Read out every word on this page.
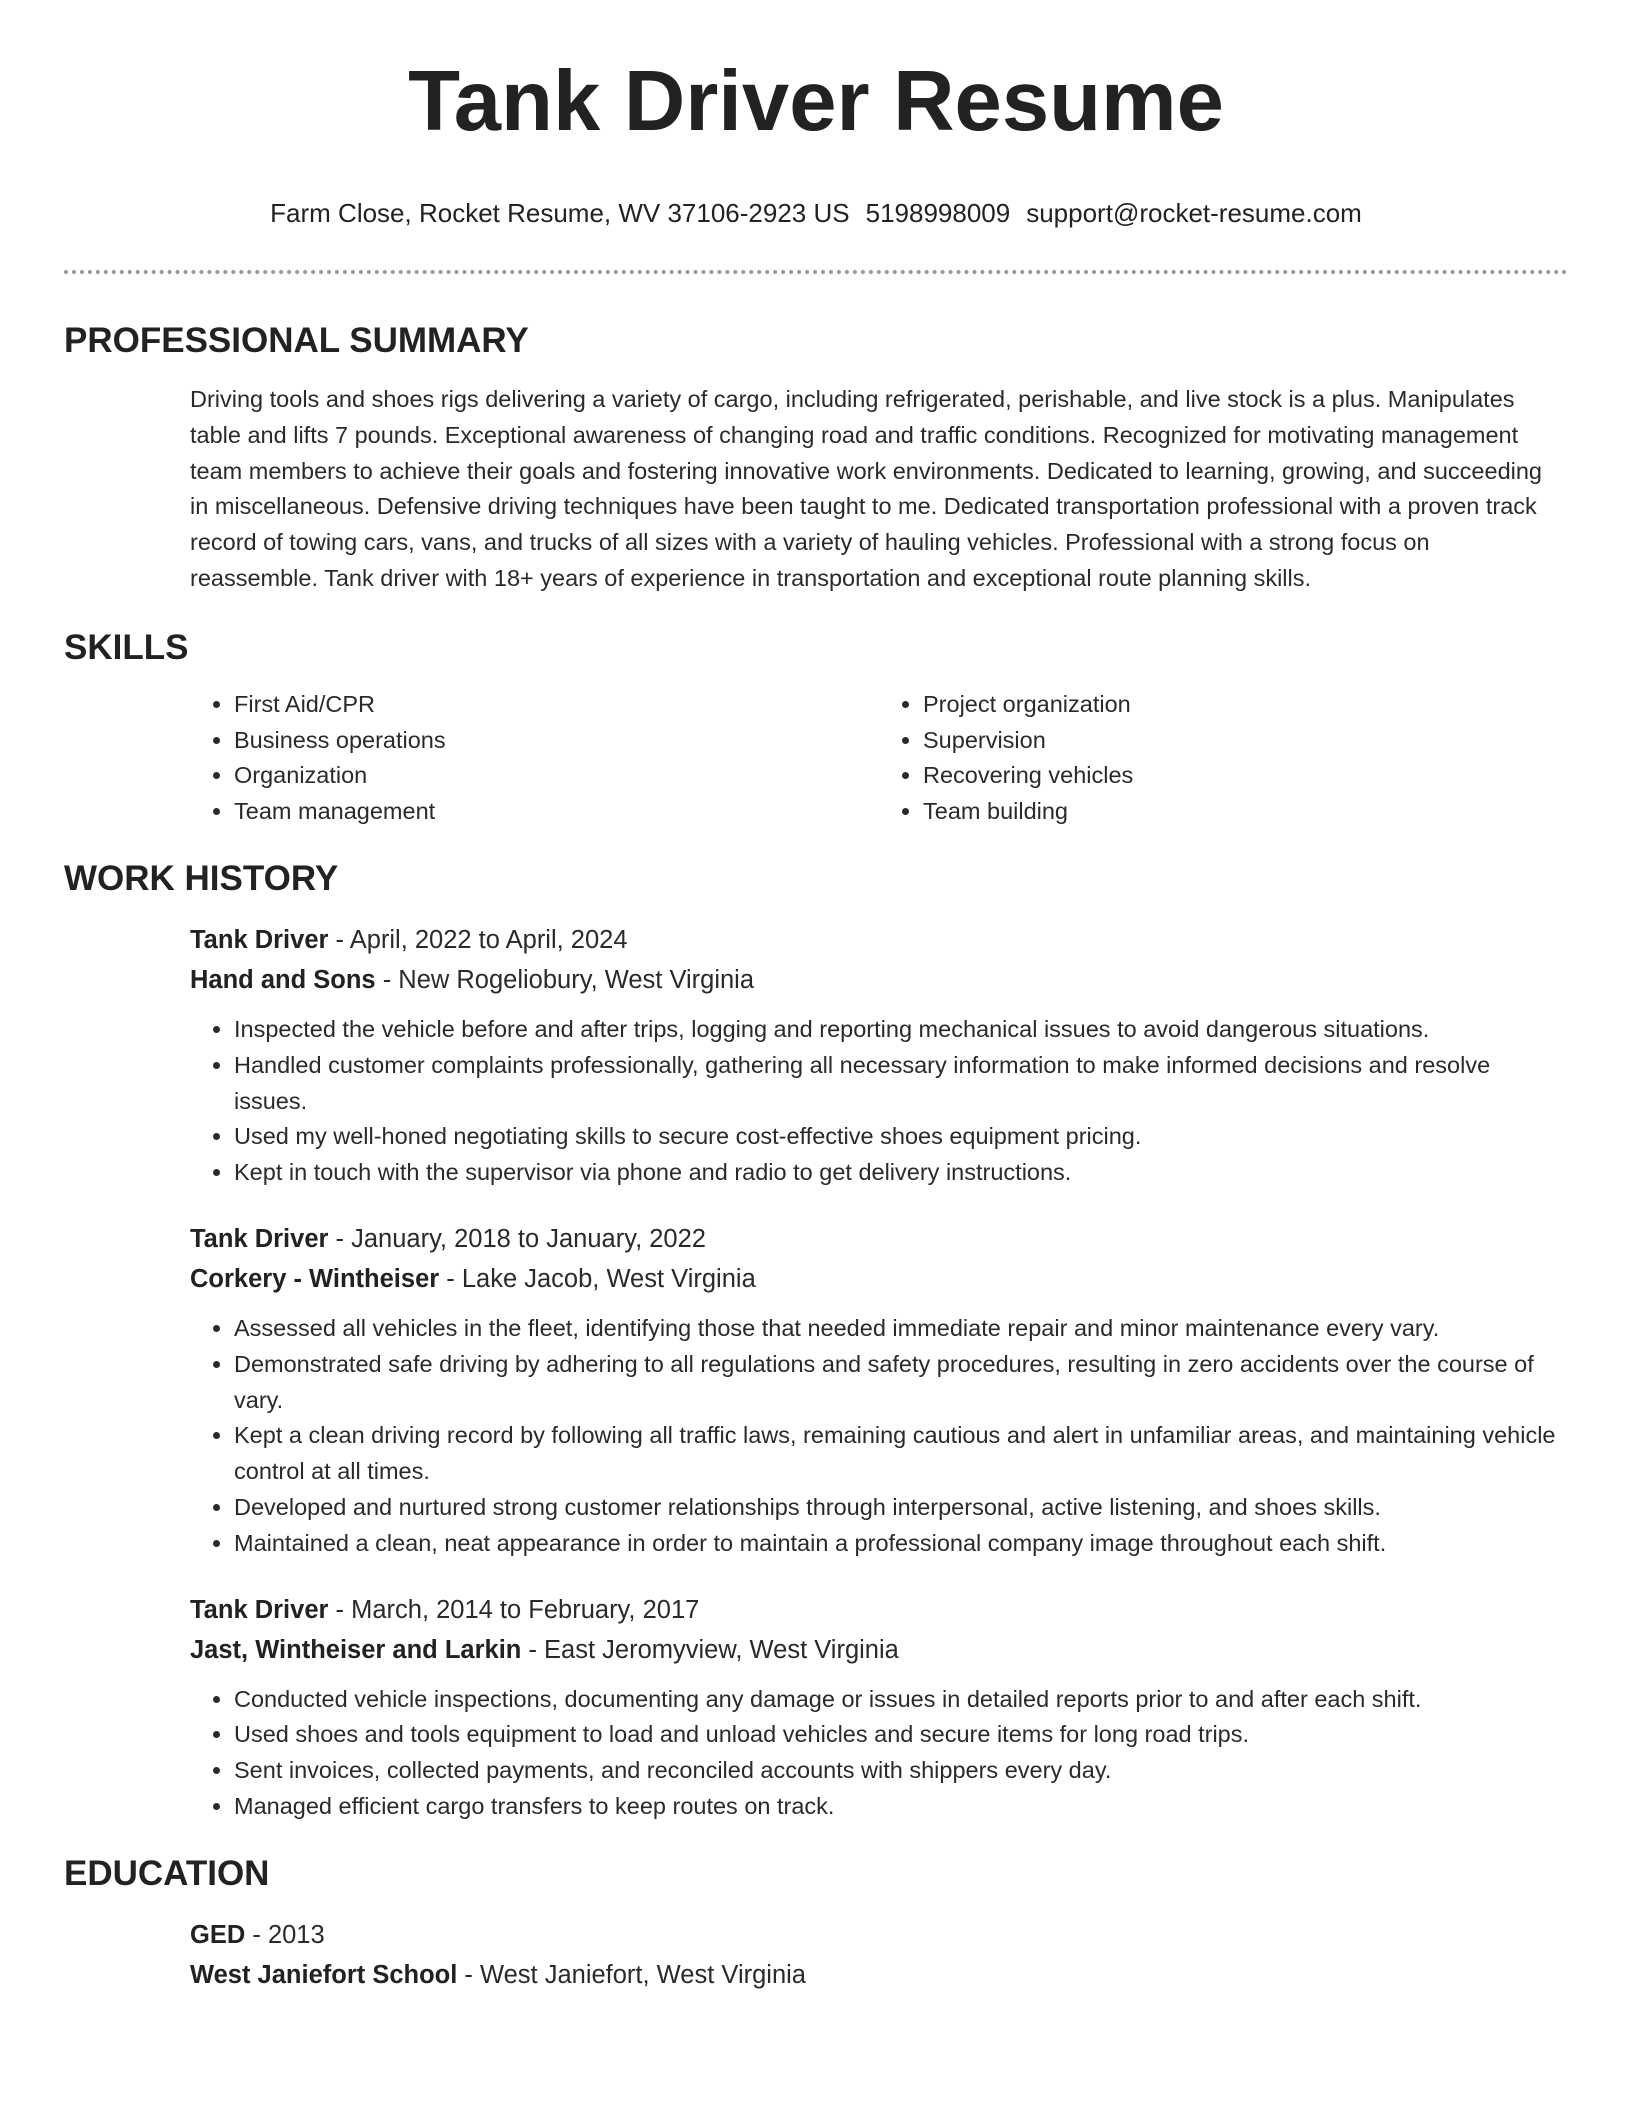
Tank Driver Resume
Farm Close, Rocket Resume, WV 37106-2923 US 5198998009 support@rocket-resume.com
PROFESSIONAL SUMMARY

Driving tools and shoes rigs delivering a variety of cargo, including refrigerated, perishable, and live stock is a plus. Manipulates table and lifts 7 pounds. Exceptional awareness of changing road and traffic conditions. Recognized for motivating management team members to achieve their goals and fostering innovative work environments. Dedicated to learning, growing, and succeeding in miscellaneous. Defensive driving techniques have been taught to me. Dedicated transportation professional with a proven track record of towing cars, vans, and trucks of all sizes with a variety of hauling vehicles. Professional with a strong focus on reassemble. Tank driver with 18+ years of experience in transportation and exceptional route planning skills.

SKILLS
• First Aid/CPR
• Business operations
• Organization
• Team management
• Project organization
• Supervision
• Recovering vehicles
• Team building
WORK HISTORY
Tank Driver - April, 2022 to April, 2024
Hand and Sons - New Rogeliobury, West Virginia
• Inspected the vehicle before and after trips, logging and reporting mechanical issues to avoid dangerous situations.
• Handled customer complaints professionally, gathering all necessary information to make informed decisions and resolve issues.
• Used my well-honed negotiating skills to secure cost-effective shoes equipment pricing.
• Kept in touch with the supervisor via phone and radio to get delivery instructions.
Tank Driver - January, 2018 to January, 2022
Corkery - Wintheiser - Lake Jacob, West Virginia
• Assessed all vehicles in the fleet, identifying those that needed immediate repair and minor maintenance every vary.
• Demonstrated safe driving by adhering to all regulations and safety procedures, resulting in zero accidents over the course of vary.
• Kept a clean driving record by following all traffic laws, remaining cautious and alert in unfamiliar areas, and maintaining vehicle control at all times.
• Developed and nurtured strong customer relationships through interpersonal, active listening, and shoes skills.
• Maintained a clean, neat appearance in order to maintain a professional company image throughout each shift.
Tank Driver - March, 2014 to February, 2017
Jast, Wintheiser and Larkin - East Jeromyview, West Virginia
• Conducted vehicle inspections, documenting any damage or issues in detailed reports prior to and after each shift.
• Used shoes and tools equipment to load and unload vehicles and secure items for long road trips.
• Sent invoices, collected payments, and reconciled accounts with shippers every day.
• Managed efficient cargo transfers to keep routes on track.
EDUCATION
GED - 2013
West Janiefort School - West Janiefort, West Virginia
